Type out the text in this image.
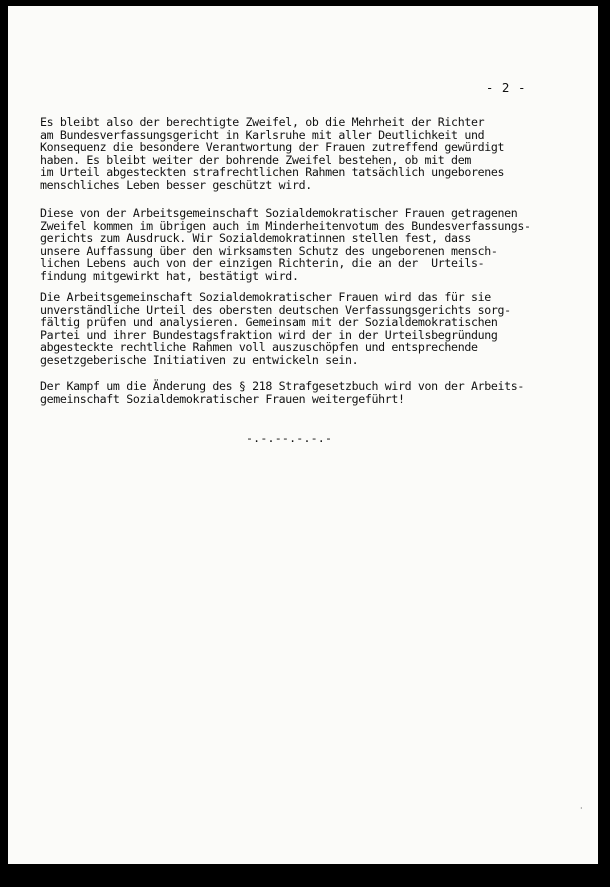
- 2 -
Es bleibt also der berechtigte Zweifel, ob die Mehrheit der Richter
am Bundesverfassungsgericht in Karlsruhe mit aller Deutlichkeit und
Konsequenz die besondere Verantwortung der Frauen zutreffend gewürdigt
haben. Es bleibt weiter der bohrende Zweifel bestehen, ob mit dem
im Urteil abgesteckten strafrechtlichen Rahmen tatsächlich ungeborenes
menschliches Leben besser geschützt wird.
Diese von der Arbeitsgemeinschaft Sozialdemokratischer Frauen getragenen
Zweifel kommen im übrigen auch im Minderheitenvotum des Bundesverfassungs-
gerichts zum Ausdruck. Wir Sozialdemokratinnen stellen fest, dass
unsere Auffassung über den wirksamsten Schutz des ungeborenen mensch-
lichen Lebens auch von der einzigen Richterin, die an der  Urteils-
findung mitgewirkt hat, bestätigt wird.
Die Arbeitsgemeinschaft Sozialdemokratischer Frauen wird das für sie
unverständliche Urteil des obersten deutschen Verfassungsgerichts sorg-
fältig prüfen und analysieren. Gemeinsam mit der Sozialdemokratischen
Partei und ihrer Bundestagsfraktion wird der in der Urteilsbegründung
abgesteckte rechtliche Rahmen voll auszuschöpfen und entsprechende
gesetzgeberische Initiativen zu entwickeln sein.
Der Kampf um die Änderung des § 218 Strafgesetzbuch wird von der Arbeits-
gemeinschaft Sozialdemokratischer Frauen weitergeführt!
-.-.--.-.-.-
·
